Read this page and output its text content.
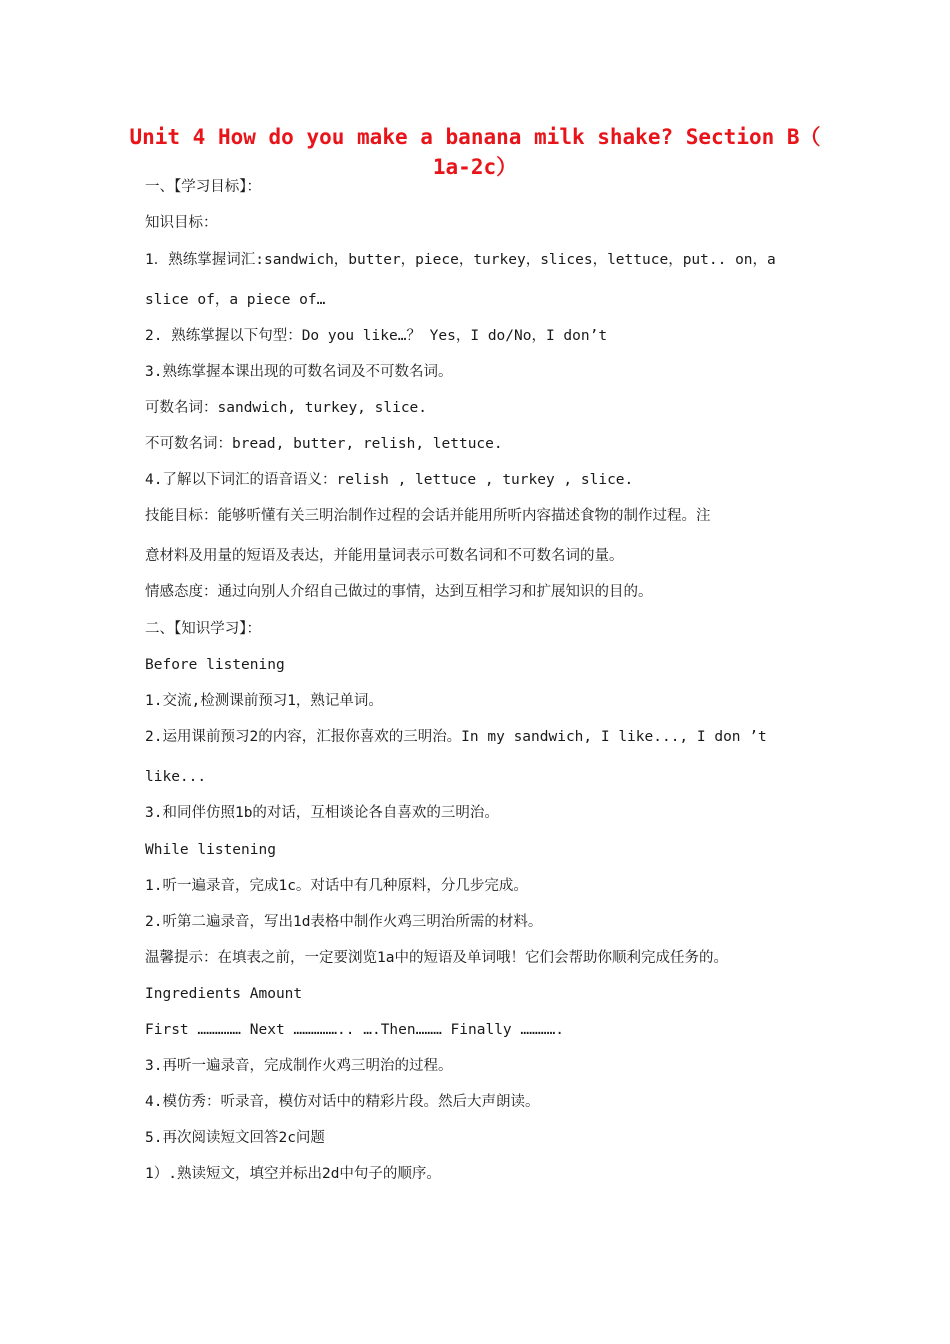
Unit 4 How do you make a banana milk shake? Section B（ 1a-2c）

一、【学习目标】：

知识目标：

1．熟练掌握词汇:sandwich，butter，piece，turkey，slices，lettuce，put.. on，a

slice of，a piece of…

2. 熟练掌握以下句型：Do you like…？ Yes，I do/No，I don’t

3.熟练掌握本课出现的可数名词及不可数名词。

可数名词：sandwich, turkey, slice.

不可数名词：bread, butter, relish, lettuce.

4.了解以下词汇的语音语义：relish , lettuce , turkey , slice.

技能目标：能够听懂有关三明治制作过程的会话并能用所听内容描述食物的制作过程。注

意材料及用量的短语及表达，并能用量词表示可数名词和不可数名词的量。

情感态度：通过向别人介绍自己做过的事情，达到互相学习和扩展知识的目的。

二、【知识学习】：

Before listening

1.交流,检测课前预习1，熟记单词。

2.运用课前预习2的内容，汇报你喜欢的三明治。In my sandwich, I like..., I don ’t

like...

3.和同伴仿照1b的对话，互相谈论各自喜欢的三明治。

While listening

1.听一遍录音，完成1c。对话中有几种原料，分几步完成。

2.听第二遍录音，写出1d表格中制作火鸡三明治所需的材料。

温馨提示：在填表之前，一定要浏览1a中的短语及单词哦！它们会帮助你顺利完成任务的。

Ingredients Amount

First …………… Next …………….. ….Then……… Finally ………….

3.再听一遍录音，完成制作火鸡三明治的过程。

4.模仿秀：听录音，模仿对话中的精彩片段。然后大声朗读。

5.再次阅读短文回答2c问题

1）.熟读短文，填空并标出2d中句子的顺序。
